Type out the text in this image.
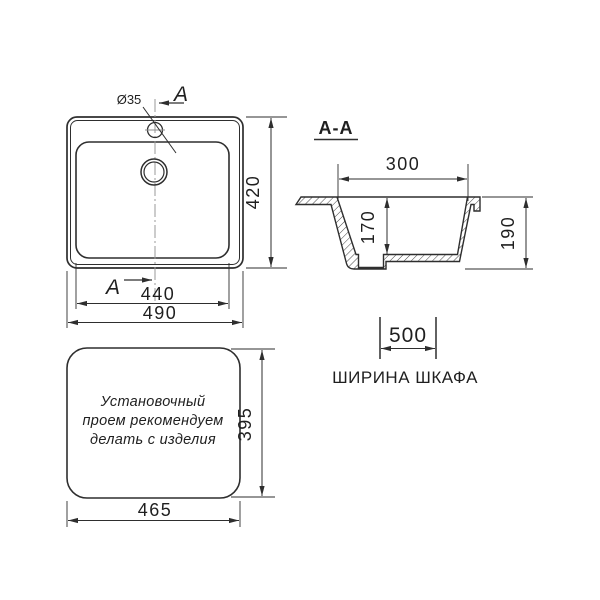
Ø35 A
A
420
440
490
A-A
300
170	190
500
ШИРИНА ШКАФА
Установочный
проем рекомендуем
делать с изделия 395
465
